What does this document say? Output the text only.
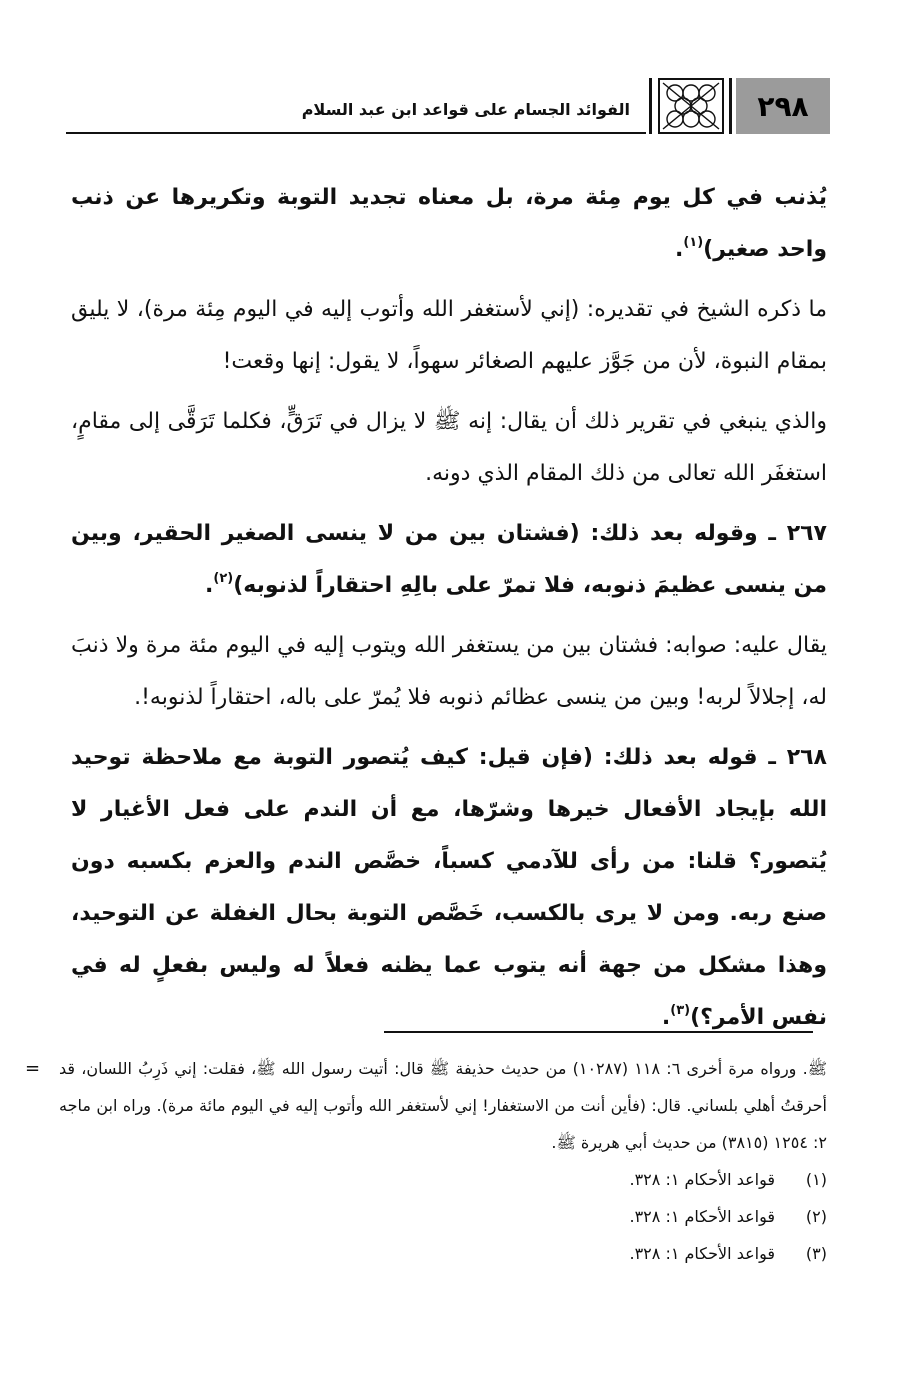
٢٩٨
الفوائد الجسام على قواعد ابن عبد السلام

يُذنب في كل يوم مِئة مرة، بل معناه تجديد التوبة وتكريرها عن ذنب واحد صغير)$^{(١)}$.

ما ذكره الشيخ في تقديره: (إني لأستغفر الله وأتوب إليه في اليوم مِئة مرة)، لا يليق بمقام النبوة، لأن من جَوَّز عليهم الصغائر سهواً، لا يقول: إنها وقعت!

والذي ينبغي في تقرير ذلك أن يقال: إنه ﷺ لا يزال في تَرَقٍّ، فكلما تَرَقَّى إلى مقامٍ، استغفَر الله تعالى من ذلك المقام الذي دونه.

٢٦٧ ـ وقوله بعد ذلك: (فشتان بين من لا ينسى الصغير الحقير، وبين من ينسى عظيمَ ذنوبه، فلا تمرّ على بالِهِ احتقاراً لذنوبه)$^{(٢)}$.

يقال عليه: صوابه: فشتان بين من يستغفر الله ويتوب إليه في اليوم مئة مرة ولا ذنبَ له، إجلالاً لربه! وبين من ينسى عظائم ذنوبه فلا يُمرّ على باله، احتقاراً لذنوبه!.

٢٦٨ ـ قوله بعد ذلك: (فإن قيل: كيف يُتصور التوبة مع ملاحظة توحيد الله بإيجاد الأفعال خيرها وشرّها، مع أن الندم على فعل الأغيار لا يُتصور؟ قلنا: من رأى للآدمي كسباً، خصَّص الندم والعزم بكسبه دون صنع ربه. ومن لا يرى بالكسب، خَصَّص التوبة بحال الغفلة عن التوحيد، وهذا مشكل من جهة أنه يتوب عما يظنه فعلاً له وليس بفعلٍ له في نفس الأمر؟)$^{(٣)}$.

= ﷺ. ورواه مرة أخرى ٦: ١١٨ (١٠٢٨٧) من حديث حذيفة ﷺ قال: أتيت رسول الله ﷺ، فقلت: إني ذَرِبُ اللسان، قد أحرقتُ أهلي بلساني. قال: (فأين أنت من الاستغفار! إني لأستغفر الله وأتوب إليه في اليوم مائة مرة). وراه ابن ماجه ٢: ١٢٥٤ (٣٨١٥) من حديث أبي هريرة ﷺ.
(١)
قواعد الأحكام ١: ٣٢٨.
(٢)
قواعد الأحكام ١: ٣٢٨.
(٣)
قواعد الأحكام ١: ٣٢٨.
